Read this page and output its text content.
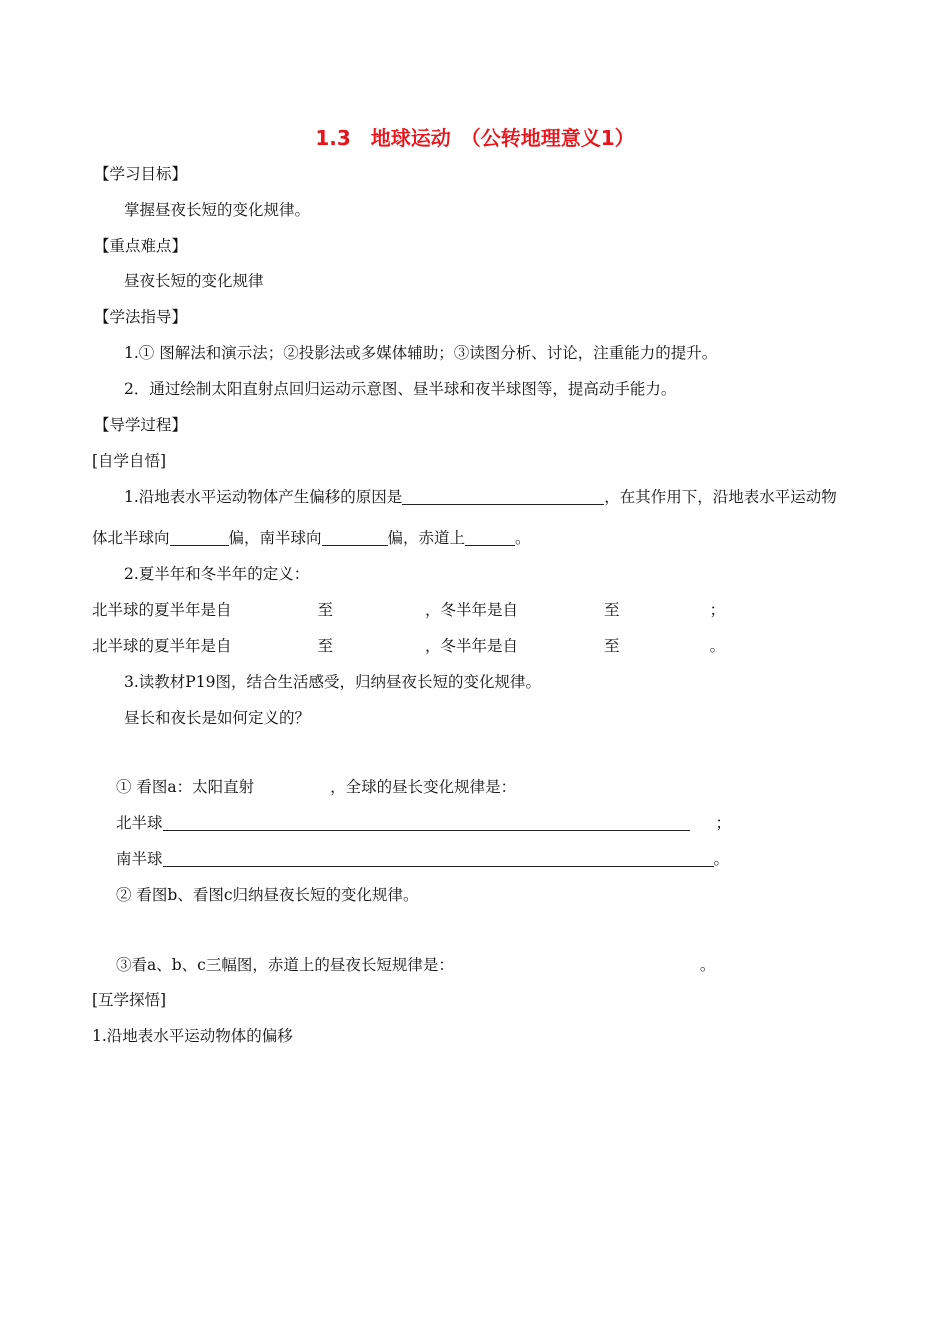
1.3　地球运动　（公转地理意义1）
【学习目标】
掌握昼夜长短的变化规律。
【重点难点】
昼夜长短的变化规律
【学法指导】
1.① 图解法和演示法；②投影法或多媒体辅助；③读图分析、讨论，注重能力的提升。
2．通过绘制太阳直射点回归运动示意图、昼半球和夜半球图等，提高动手能力。
【导学过程】
[自学自悟]
1.沿地表水平运动物体产生偏移的原因是	，在其作用下，沿地表水平运动物
体北半球向	偏，南半球向	偏，赤道上	。
2.夏半年和冬半年的定义：
北半球的夏半年是自	至	，冬半年是自	至	；
北半球的夏半年是自	至	，冬半年是自	至	。
3.读教材P19图，结合生活感受，归纳昼夜长短的变化规律。
昼长和夜长是如何定义的？
① 看图a：太阳直射	，全球的昼长变化规律是：
北半球	；
南半球	。
② 看图b、看图c归纳昼夜长短的变化规律。
③看a、b、c三幅图，赤道上的昼夜长短规律是：	。
[互学探悟]
1.沿地表水平运动物体的偏移
